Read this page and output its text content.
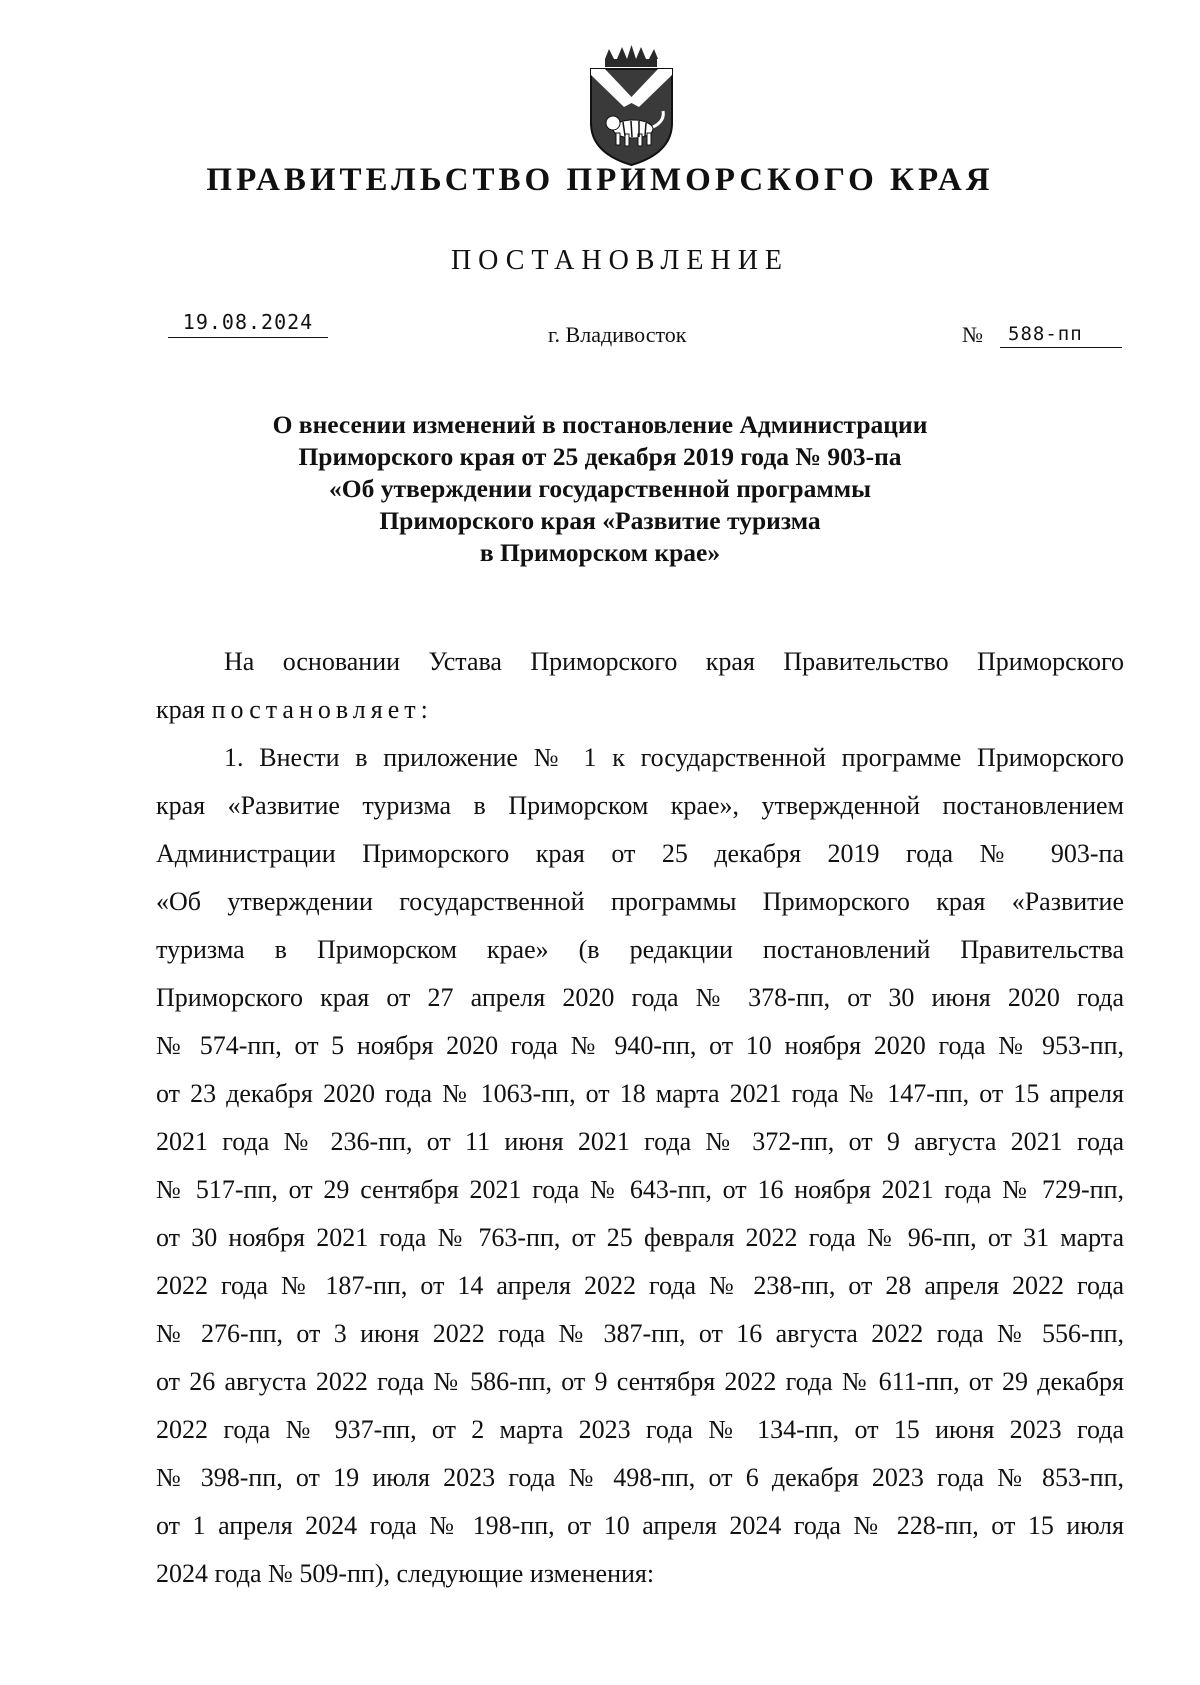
ПРАВИТЕЛЬСТВО ПРИМОРСКОГО КРАЯ
ПОСТАНОВЛЕНИЕ
19.08.2024	г. Владивосток	№	588-пп
О внесении изменений в постановление Администрации
Приморского края от 25 декабря 2019 года № 903-па
«Об утверждении государственной программы
Приморского края «Развитие туризма
в Приморском крае»
На основании Устава Приморского края Правительство Приморского
края постановляет:
1. Внести в приложение № 1 к государственной программе Приморского
края «Развитие туризма в Приморском крае», утвержденной постановлением
Администрации Приморского края от 25 декабря 2019 года № 903-па
«Об утверждении государственной программы Приморского края «Развитие
туризма в Приморском крае» (в редакции постановлений Правительства
Приморского края от 27 апреля 2020 года № 378-пп, от 30 июня 2020 года
№ 574-пп, от 5 ноября 2020 года № 940-пп, от 10 ноября 2020 года № 953-пп,
от 23 декабря 2020 года № 1063-пп, от 18 марта 2021 года № 147-пп, от 15 апреля
2021 года № 236-пп, от 11 июня 2021 года № 372-пп, от 9 августа 2021 года
№ 517-пп, от 29 сентября 2021 года № 643-пп, от 16 ноября 2021 года № 729-пп,
от 30 ноября 2021 года № 763-пп, от 25 февраля 2022 года № 96-пп, от 31 марта
2022 года № 187-пп, от 14 апреля 2022 года № 238-пп, от 28 апреля 2022 года
№ 276-пп, от 3 июня 2022 года № 387-пп, от 16 августа 2022 года № 556-пп,
от 26 августа 2022 года № 586-пп, от 9 сентября 2022 года № 611-пп, от 29 декабря
2022 года № 937-пп, от 2 марта 2023 года № 134-пп, от 15 июня 2023 года
№ 398-пп, от 19 июля 2023 года № 498-пп, от 6 декабря 2023 года № 853-пп,
от 1 апреля 2024 года № 198-пп, от 10 апреля 2024 года № 228-пп, от 15 июля
2024 года № 509-пп), следующие изменения:
